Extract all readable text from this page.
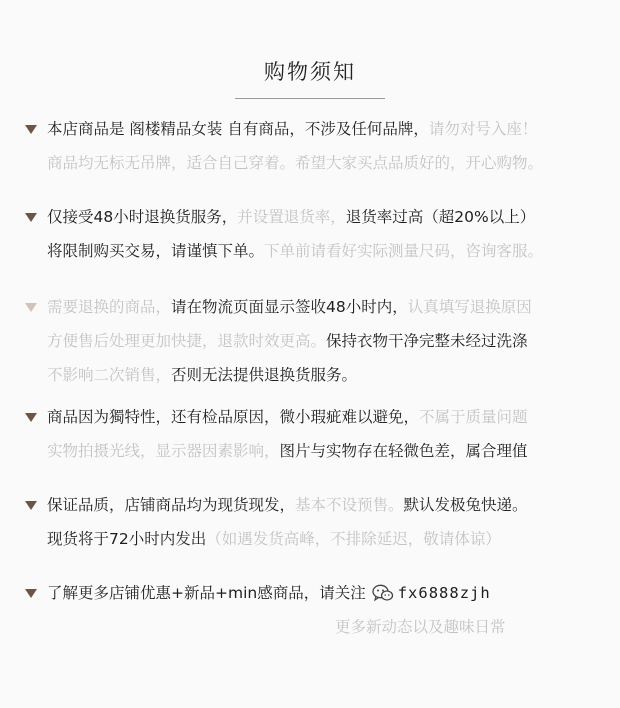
购物须知
本店商品是 阁楼精品女装 自有商品，不涉及任何品牌，请勿对号入座！
商品均无标无吊牌，适合自己穿着。希望大家买点品质好的，开心购物。
仅接受48小时退换货服务，并设置退货率，退货率过高（超20%以上）
将限制购买交易，请谨慎下单。下单前请看好实际测量尺码，咨询客服。
需要退换的商品，请在物流页面显示签收48小时内，认真填写退换原因
方便售后处理更加快捷，退款时效更高。保持衣物干净完整未经过洗涤
不影响二次销售，否则无法提供退换货服务。
商品因为獨特性，还有检品原因，微小瑕疵难以避免，不属于质量问题
实物拍摄光线，显示器因素影响，图片与实物存在轻微色差，属合理值
保证品质，店铺商品均为现货现发，基本不设预售。默认发极兔快递。
现货将于72小时内发出（如遇发货高峰，不排除延迟，敬请体谅）
了解更多店铺优惠+新品+min感商品，请关注 fx6888zjh
更多新动态以及趣味日常
